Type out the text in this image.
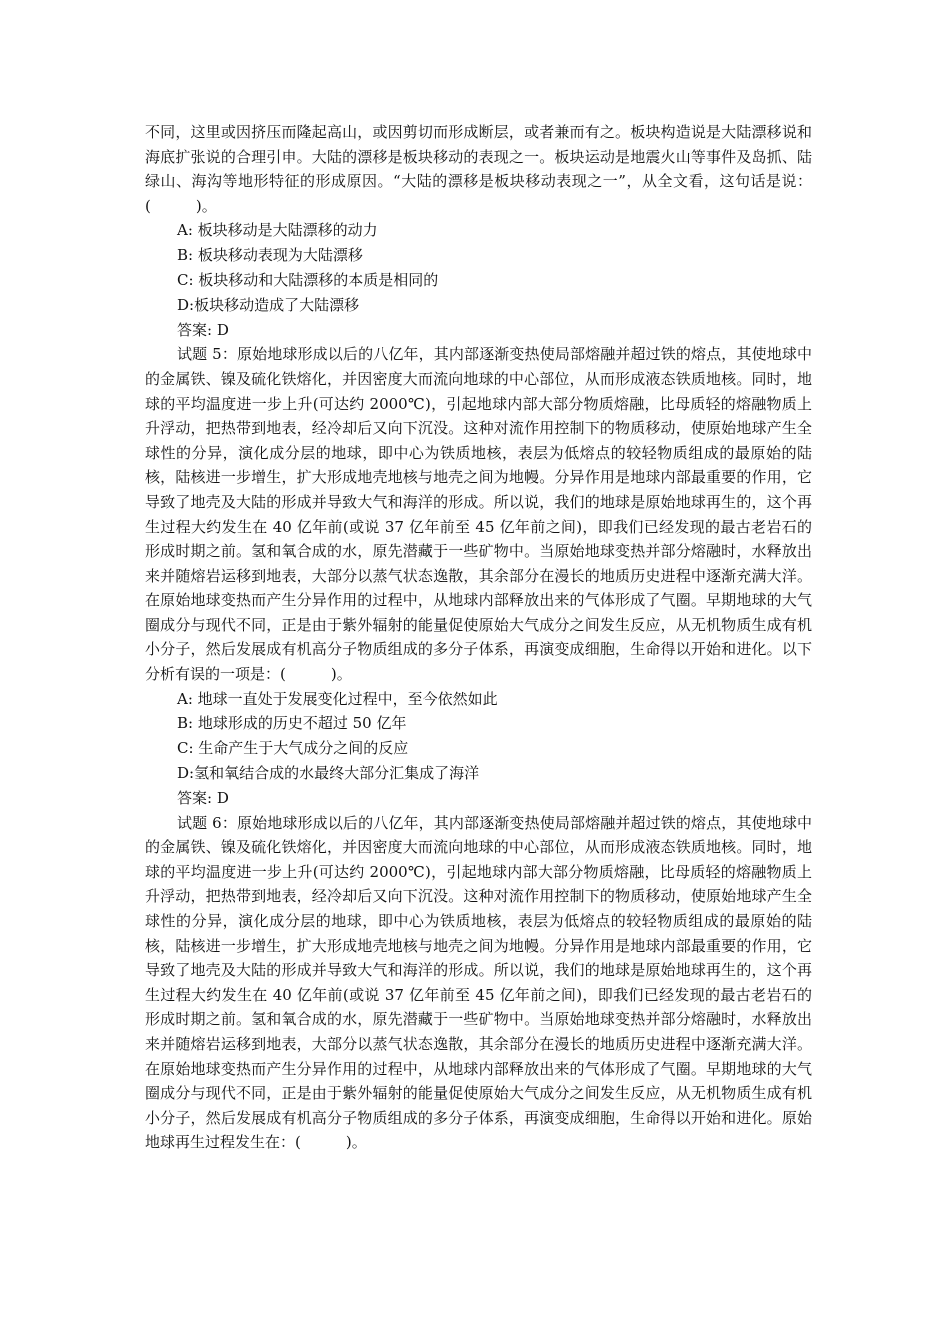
不同，这里或因挤压而隆起高山，或因剪切而形成断层，或者兼而有之。板块构造说是大陆漂移说和海底扩张说的合理引申。大陆的漂移是板块移动的表现之一。板块运动是地震火山等事件及岛抓、陆绿山、海沟等地形特征的形成原因。“大陆的漂移是板块移动表现之一”，从全文看，这句话是说：(　　　)。

A: 板块移动是大陆漂移的动力

B: 板块移动表现为大陆漂移

C: 板块移动和大陆漂移的本质是相同的

D:板块移动造成了大陆漂移

答案: D

试题 5：原始地球形成以后的八亿年，其内部逐渐变热使局部熔融并超过铁的熔点，其使地球中的金属铁、镍及硫化铁熔化，并因密度大而流向地球的中心部位，从而形成液态铁质地核。同时，地球的平均温度进一步上升(可达约 2000℃)，引起地球内部大部分物质熔融，比母质轻的熔融物质上升浮动，把热带到地表，经冷却后又向下沉没。这种对流作用控制下的物质移动，使原始地球产生全球性的分异，演化成分层的地球，即中心为铁质地核，表层为低熔点的较轻物质组成的最原始的陆核，陆核进一步增生，扩大形成地壳地核与地壳之间为地幔。分异作用是地球内部最重要的作用，它导致了地壳及大陆的形成并导致大气和海洋的形成。所以说，我们的地球是原始地球再生的，这个再生过程大约发生在 40 亿年前(或说 37 亿年前至 45 亿年前之间)，即我们已经发现的最古老岩石的形成时期之前。氢和氧合成的水，原先潜藏于一些矿物中。当原始地球变热并部分熔融时，水释放出来并随熔岩运移到地表，大部分以蒸气状态逸散，其余部分在漫长的地质历史进程中逐渐充满大洋。在原始地球变热而产生分异作用的过程中，从地球内部释放出来的气体形成了气圈。早期地球的大气圈成分与现代不同，正是由于紫外辐射的能量促使原始大气成分之间发生反应，从无机物质生成有机小分子，然后发展成有机高分子物质组成的多分子体系，再演变成细胞，生命得以开始和进化。以下分析有误的一项是：(　　　)。

A: 地球一直处于发展变化过程中，至今依然如此

B: 地球形成的历史不超过 50 亿年

C: 生命产生于大气成分之间的反应

D:氢和氧结合成的水最终大部分汇集成了海洋

答案: D

试题 6：原始地球形成以后的八亿年，其内部逐渐变热使局部熔融并超过铁的熔点，其使地球中的金属铁、镍及硫化铁熔化，并因密度大而流向地球的中心部位，从而形成液态铁质地核。同时，地球的平均温度进一步上升(可达约 2000℃)，引起地球内部大部分物质熔融，比母质轻的熔融物质上升浮动，把热带到地表，经冷却后又向下沉没。这种对流作用控制下的物质移动，使原始地球产生全球性的分异，演化成分层的地球，即中心为铁质地核，表层为低熔点的较轻物质组成的最原始的陆核，陆核进一步增生，扩大形成地壳地核与地壳之间为地幔。分异作用是地球内部最重要的作用，它导致了地壳及大陆的形成并导致大气和海洋的形成。所以说，我们的地球是原始地球再生的，这个再生过程大约发生在 40 亿年前(或说 37 亿年前至 45 亿年前之间)，即我们已经发现的最古老岩石的形成时期之前。氢和氧合成的水，原先潜藏于一些矿物中。当原始地球变热并部分熔融时，水释放出来并随熔岩运移到地表，大部分以蒸气状态逸散，其余部分在漫长的地质历史进程中逐渐充满大洋。在原始地球变热而产生分异作用的过程中，从地球内部释放出来的气体形成了气圈。早期地球的大气圈成分与现代不同，正是由于紫外辐射的能量促使原始大气成分之间发生反应，从无机物质生成有机小分子，然后发展成有机高分子物质组成的多分子体系，再演变成细胞，生命得以开始和进化。原始地球再生过程发生在：(　　　)。
